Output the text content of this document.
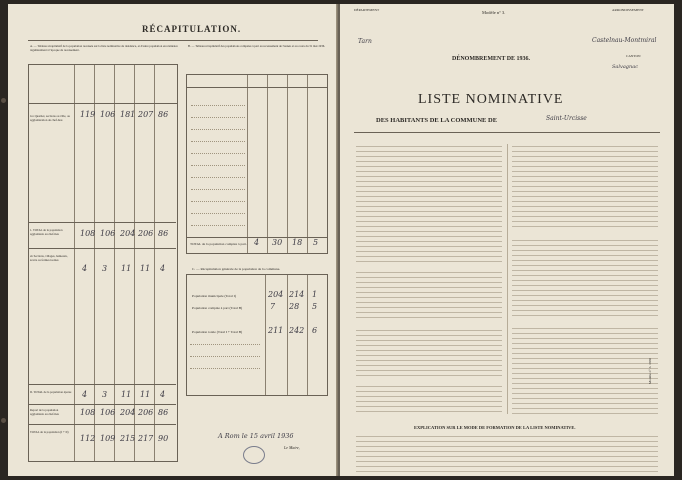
RÉCAPITULATION.
A. — Tableau récapitulatif de la population recensée sur la liste nominative de résidence, et d'autre population en résidence régulièrement à l'époque de recensement.
B. — Tableau récapitulatif des populations comptées à part au recensement de l'année et au cours du 31 mai 1936.
1re Quartier, sections ou ville, ou agglomération de chef-lieu
119 106 181 207 86
1. TOTAL de la population agglomérée au chef-lieu	108 106 204 206 86
2e Sections, villages, hameaux, écarts ou fermes isolées
4 3 11 11 4
II. TOTAL de la population éparse 4 3 11 11 4
Report de la population agglomérée au chef-lieu	108 106 204 206 86
TOTAL de la population (I + II)
112 109 215 217 90
TOTAL de la population comptée à part. 4 30 18 5
C. — Récapitulation générale de la population de la commune.
Population municipale (Total I)	204 214 1
Population comptée à part (Total B)	7 28 5
Population totale (Total I + Total B)	211 242 6
A Rom le 15 avril 1936
Le Maire,
DÉPARTEMENT
Tarn
Modèle n° 3.	ARRONDISSEMENT
Castelnau-Montmiral
DÉNOMBREMENT DE 1936.	CANTON
Salvagnac
LISTE NOMINATIVE
DES HABITANTS DE LA COMMUNE DE	Saint-Urcisse
EXPLICATION SUR LE MODE DE FORMATION DE LA LISTE NOMINATIVE.
Modèle n° 3. 1936
